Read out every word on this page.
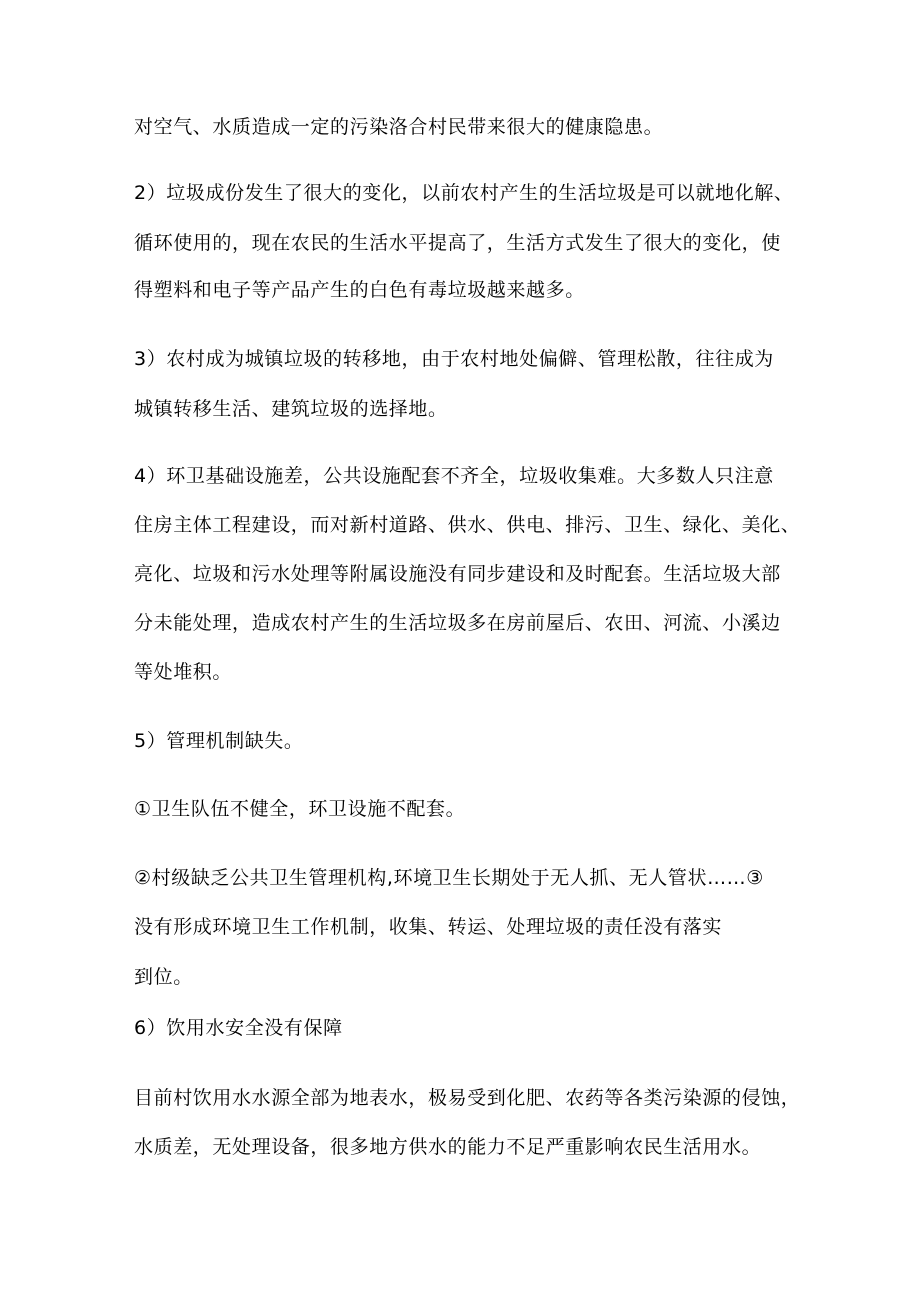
对空气、水质造成一定的污染洛合村民带来很大的健康隐患。
2）垃圾成份发生了很大的变化，以前农村产生的生活垃圾是可以就地化解、
循环使用的，现在农民的生活水平提高了，生活方式发生了很大的变化，使
得塑料和电子等产品产生的白色有毒垃圾越来越多。
3）农村成为城镇垃圾的转移地，由于农村地处偏僻、管理松散，往往成为
城镇转移生活、建筑垃圾的选择地。
4）环卫基础设施差，公共设施配套不齐全，垃圾收集难。大多数人只注意
住房主体工程建设，而对新村道路、供水、供电、排污、卫生、绿化、美化、
亮化、垃圾和污水处理等附属设施没有同步建设和及时配套。生活垃圾大部
分未能处理，造成农村产生的生活垃圾多在房前屋后、农田、河流、小溪边
等处堆积。
5）管理机制缺失。
①卫生队伍不健全，环卫设施不配套。
②村级缺乏公共卫生管理机构,环境卫生长期处于无人抓、无人管状……③
没有形成环境卫生工作机制，收集、转运、处理垃圾的责任没有落实
到位。
6）饮用水安全没有保障
目前村饮用水水源全部为地表水，极易受到化肥、农药等各类污染源的侵蚀，
水质差，无处理设备，很多地方供水的能力不足严重影响农民生活用水。
